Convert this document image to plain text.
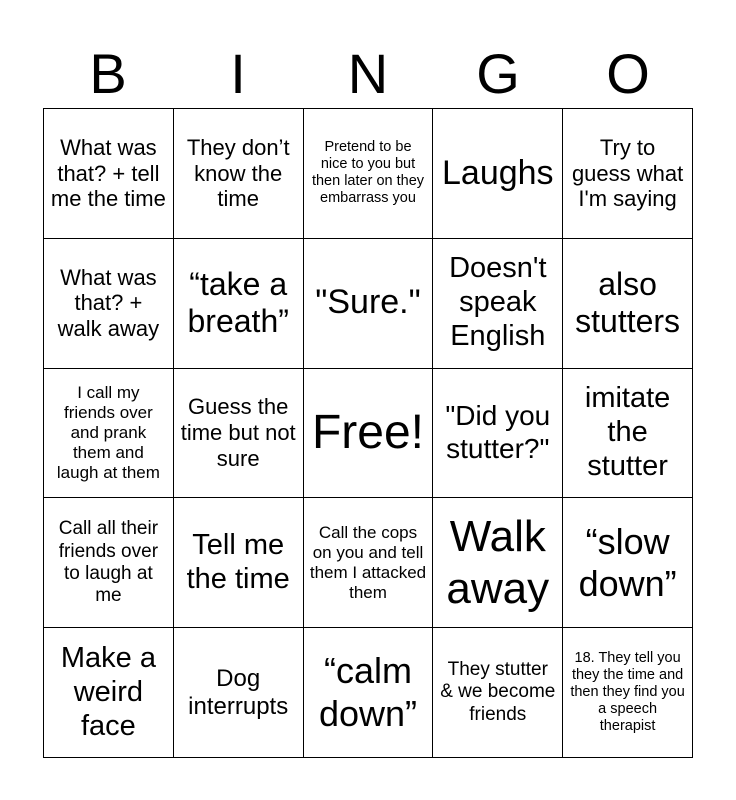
B	I	N	G	O
What was that? + tell me the time	They don’t know the time	Pretend to be nice to you but then later on they embarrass you	Laughs	Try to guess what I'm saying
What was that? + walk away	“take a breath”	"Sure."	Doesn't speak English	also stutters
I call my friends over and prank them and laugh at them	Guess the time but not sure	Free!	"Did you stutter?"	imitate the stutter
Call all their friends over to laugh at me	Tell me the time	Call the cops on you and tell them I attacked them	Walk away	“slow down”
Make a weird face	Dog interrupts	“calm down”	They stutter & we become friends	18. They tell you they the time and then they find you a speech therapist
